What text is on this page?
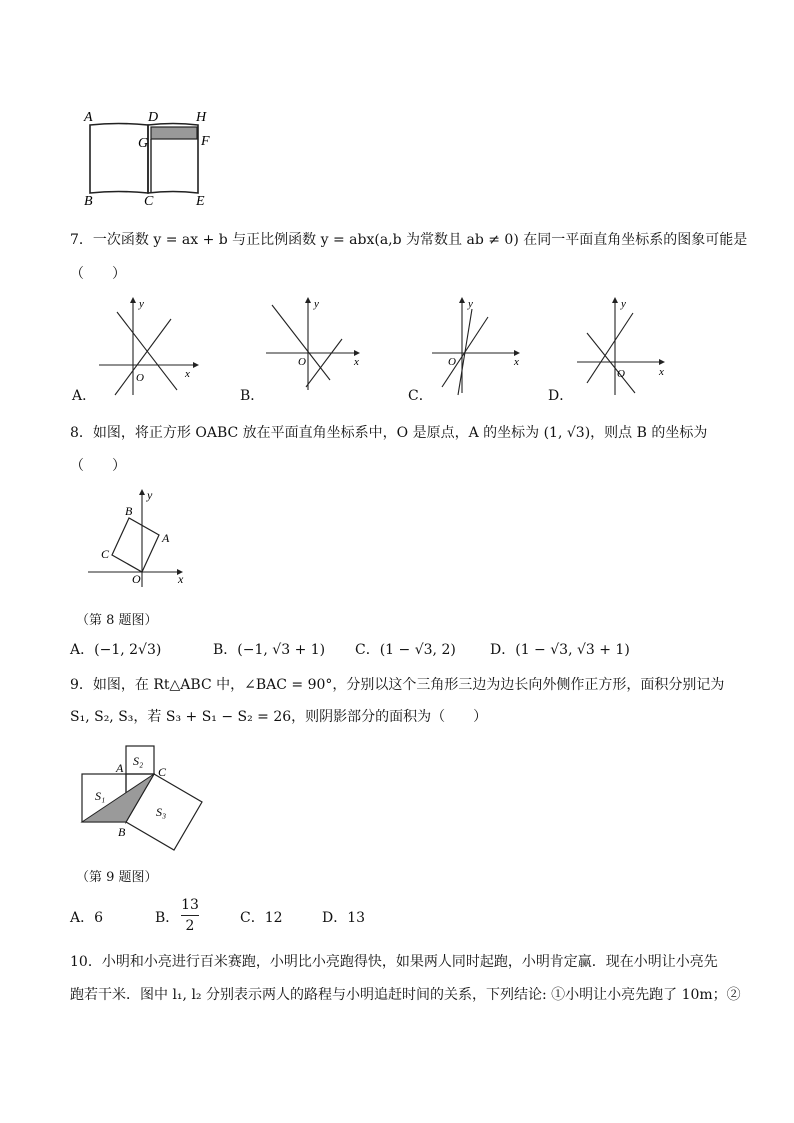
A
B	C
D
E
F
G
H
7．一次函数 y = ax + b 与正比例函数 y = abx(a,b 为常数且 ab ≠ 0) 在同一平面直角坐标系的图象可能是
（　　）
y
x
O
A．
y
x
O
B．
y
x
O
C．
y
x
O
D．
8．如图，将正方形 OABC 放在平面直角坐标系中，O 是原点，A 的坐标为 (1, √3)，则点 B 的坐标为
（　　）
y
x
B
A
C
O
（第 8 题图）
A．(−1, 2√3)	B．(−1, √3 + 1) C．(1 − √3, 2) D．(1 − √3, √3 + 1)
9．如图，在 Rt△ABC 中，∠BAC = 90°，分别以这个三角形三边为边长向外侧作正方形，面积分别记为
S₁, S₂, S₃，若 S₃ + S₁ − S₂ = 26，则阴影部分的面积为（　　）
A	C
B
S₂
S₁
S₃
（第 9 题图）
A．6	B．
13
2	C．12	D．13
10．小明和小亮进行百米赛跑，小明比小亮跑得快，如果两人同时起跑，小明肯定赢．现在小明让小亮先
跑若干米．图中 l₁, l₂ 分别表示两人的路程与小明追赶时间的关系，下列结论: ①小明让小亮先跑了 10m；②
